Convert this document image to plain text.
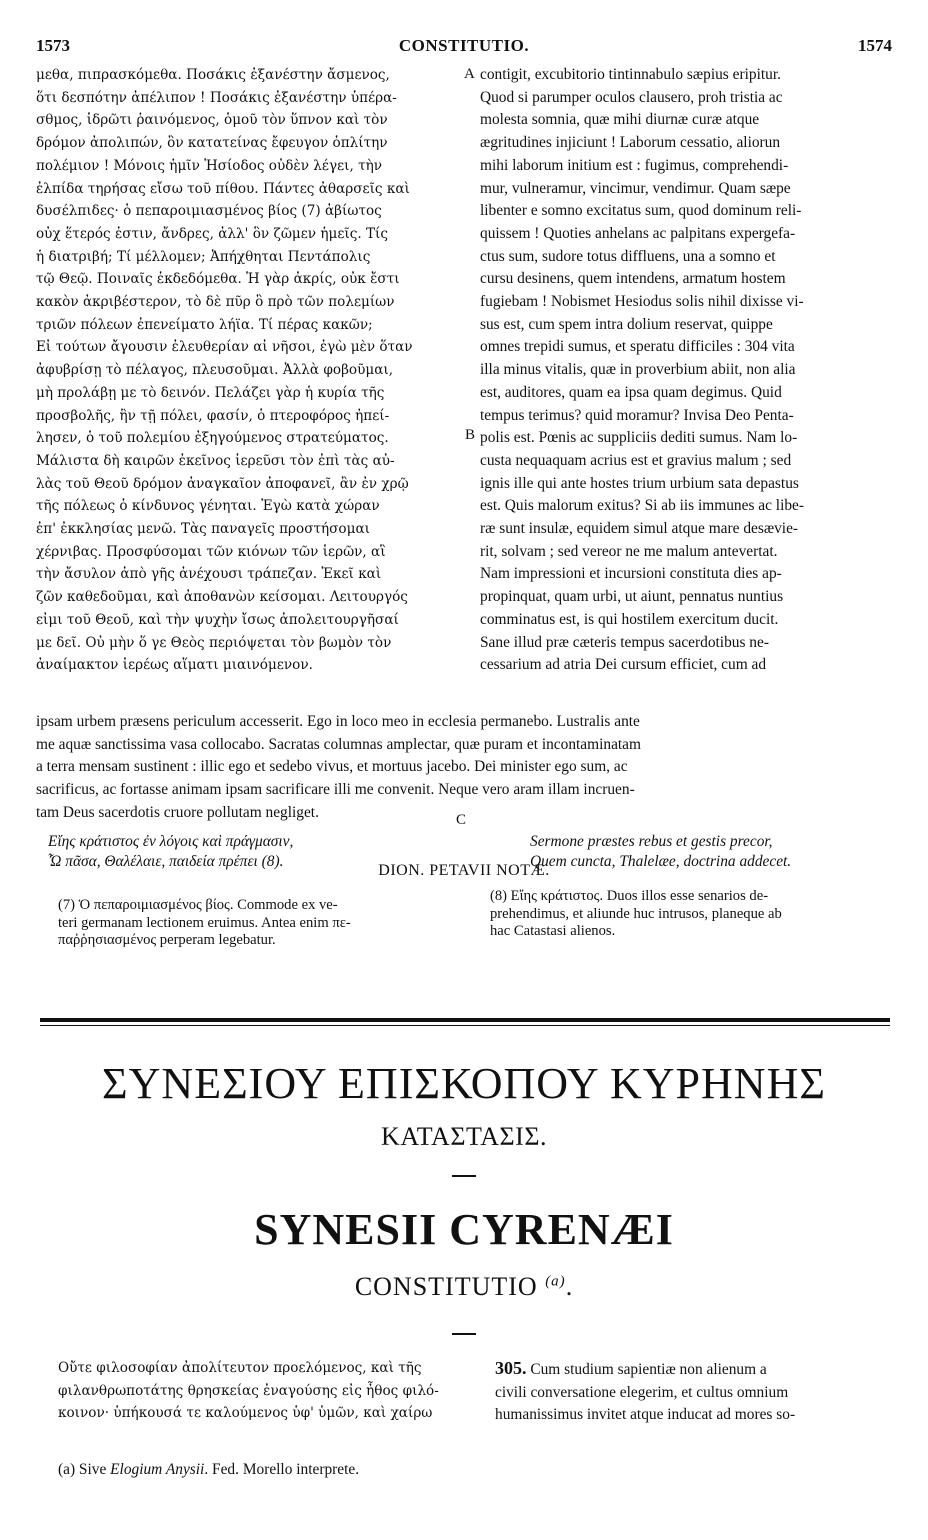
1573	CONSTITUTIO.	1574
μεθα, πιπρασκόμεθα. Ποσάκις ἐξανέστην ἄσμενος,
ὅτι δεσπότην ἀπέλιπον ! Ποσάκις ἐξανέστην ὑπέρα-
σθμος, ἱδρῶτι ῥαινόμενος, ὁμοῦ τὸν ὕπνον καὶ τὸν
δρόμον ἀπολιπών, ὃν κατατείνας ἔφευγον ὁπλίτην
πολέμιον ! Μόνοις ἡμῖν Ἡσίοδος οὐδὲν λέγει, τὴν
ἐλπίδα τηρήσας εἴσω τοῦ πίθου. Πάντες ἀθαρσεῖς καὶ
δυσέλπιδες· ὁ πεπαροιμιασμένος βίος (7) ἀβίωτος
οὐχ ἕτερός ἐστιν, ἄνδρες, ἀλλ' ὃν ζῶμεν ἡμεῖς. Τίς
ἡ διατριβή; Τί μέλλομεν; Ἀπήχθηται Πεντάπολις
τῷ Θεῷ. Ποιναῖς ἐκδεδόμεθα. Ἡ γὰρ ἀκρίς, οὐκ ἔστι
κακὸν ἀκριβέστερον, τὸ δὲ πῦρ ὃ πρὸ τῶν πολεμίων
τριῶν πόλεων ἐπενείματο λήϊα. Τί πέρας κακῶν;
Εἰ τούτων ἄγουσιν ἐλευθερίαν αἱ νῆσοι, ἐγὼ μὲν ὅταν
ἀφυβρίσῃ τὸ πέλαγος, πλευσοῦμαι. Ἀλλὰ φοβοῦμαι,
μὴ προλάβῃ με τὸ δεινόν. Πελάζει γὰρ ἡ κυρία τῆς
προσβολῆς, ἣν τῇ πόλει, φασίν, ὁ πτεροφόρος ἠπεί-
λησεν, ὁ τοῦ πολεμίου ἐξηγούμενος στρατεύματος.
Μάλιστα δὴ καιρῶν ἐκεῖνος ἱερεῦσι τὸν ἐπὶ τὰς αὐ-
λὰς τοῦ Θεοῦ δρόμον ἀναγκαῖον ἀποφανεῖ, ἂν ἐν χρῷ
τῆς πόλεως ὁ κίνδυνος γένηται. Ἐγὼ κατὰ χώραν
ἐπ' ἐκκλησίας μενῶ. Τὰς παναγεῖς προστήσομαι
χέρνιβας. Προσφύσομαι τῶν κιόνων τῶν ἱερῶν, αἳ
τὴν ἄσυλον ἀπὸ γῆς ἀνέχουσι τράπεζαν. Ἐκεῖ καὶ
ζῶν καθεδοῦμαι, καὶ ἀποθανὼν κείσομαι. Λειτουργός
εἰμι τοῦ Θεοῦ, καὶ τὴν ψυχὴν ἴσως ἀπολειτουργῆσαί
με δεῖ. Οὐ μὴν ὅ γε Θεὸς περιόψεται τὸν βωμὸν τὸν
ἀναίμακτον ἱερέως αἵματι μιαινόμενον.
contigit, excubitorio tintinnabulo sæpius eripitur.
Quod si parumper oculos clausero, proh tristia ac
molesta somnia, quæ mihi diurnæ curæ atque
ægritudines injiciunt ! Laborum cessatio, aliorun
mihi laborum initium est : fugimus, comprehendi-
mur, vulneramur, vincimur, vendimur. Quam sæpe
libenter e somno excitatus sum, quod dominum reli-
quissem ! Quoties anhelans ac palpitans expergefa-
ctus sum, sudore totus diffluens, una a somno et
cursu desinens, quem intendens, armatum hostem
fugiebam ! Nobismet Hesiodus solis nihil dixisse vi-
sus est, cum spem intra dolium reservat, quippe
omnes trepidi sumus, et speratu difficiles : 304 vita
illa minus vitalis, quæ in proverbium abiit, non alia
est, auditores, quam ea ipsa quam degimus. Quid
tempus terimus? quid moramur? Invisa Deo Penta-
polis est. Pœnis ac suppliciis dediti sumus. Nam lo-
custa nequaquam acrius est et gravius malum ; sed
ignis ille qui ante hostes trium urbium sata depastus
est. Quis malorum exitus? Si ab iis immunes ac libe-
ræ sunt insulæ, equidem simul atque mare desævie-
rit, solvam ; sed vereor ne me malum antevertat.
Nam impressioni et incursioni constituta dies ap-
propinquat, quam urbi, ut aiunt, pennatus nuntius
comminatus est, is qui hostilem exercitum ducit.
Sane illud præ cæteris tempus sacerdotibus ne-
cessarium ad atria Dei cursum efficiet, cum ad
A
B
C
ipsam urbem præsens periculum accesserit. Ego in loco meo in ecclesia permanebo. Lustralis ante
me aquæ sanctissima vasa collocabo. Sacratas columnas amplectar, quæ puram et incontaminatam
a terra mensam sustinent : illic ego et sedebo vivus, et mortuus jacebo. Dei minister ego sum, ac
sacrificus, ac fortasse animam ipsam sacrificare illi me convenit. Neque vero aram illam incruen-
tam Deus sacerdotis cruore pollutam negliget.
Εἴης κράτιστος ἐν λόγοις καὶ πράγμασιν,
Ὦ πᾶσα, Θαλέλαιε, παιδεία πρέπει (8).
Sermone præstes rebus et gestis precor,
Quem cuncta, Thalelæe, doctrina addecet.
DION. PETAVII NOTÆ.
(7) Ὁ πεπαροιμιασμένος βίος. Commode ex ve-
teri germanam lectionem eruimus. Antea enim πε-
παῤῥησιασμένος perperam legebatur.
(8) Εἴης κράτιστος. Duos illos esse senarios de-
prehendimus, et aliunde huc intrusos, planeque ab
hac Catastasi alienos.
ΣΥΝΕΣΙΟΥ ΕΠΙΣΚΟΠΟΥ ΚΥΡΗΝΗΣ
ΚΑΤΑΣΤΑΣΙΣ.
SYNESII CYRENÆI
CONSTITUTIO $^{(a)}$.
Οὔτε φιλοσοφίαν ἀπολίτευτον προελόμενος, καὶ τῆς
φιλανθρωποτάτης θρησκείας ἐναγούσης εἰς ἦθος φιλό-
κοινον· ὑπήκουσά τε καλούμενος ὑφ' ὑμῶν, καὶ χαίρω
305. Cum studium sapientiæ non alienum a
civili conversatione elegerim, et cultus omnium
humanissimus invitet atque inducat ad mores so-
(a) Sive Elogium Anysii. Fed. Morello interprete.
